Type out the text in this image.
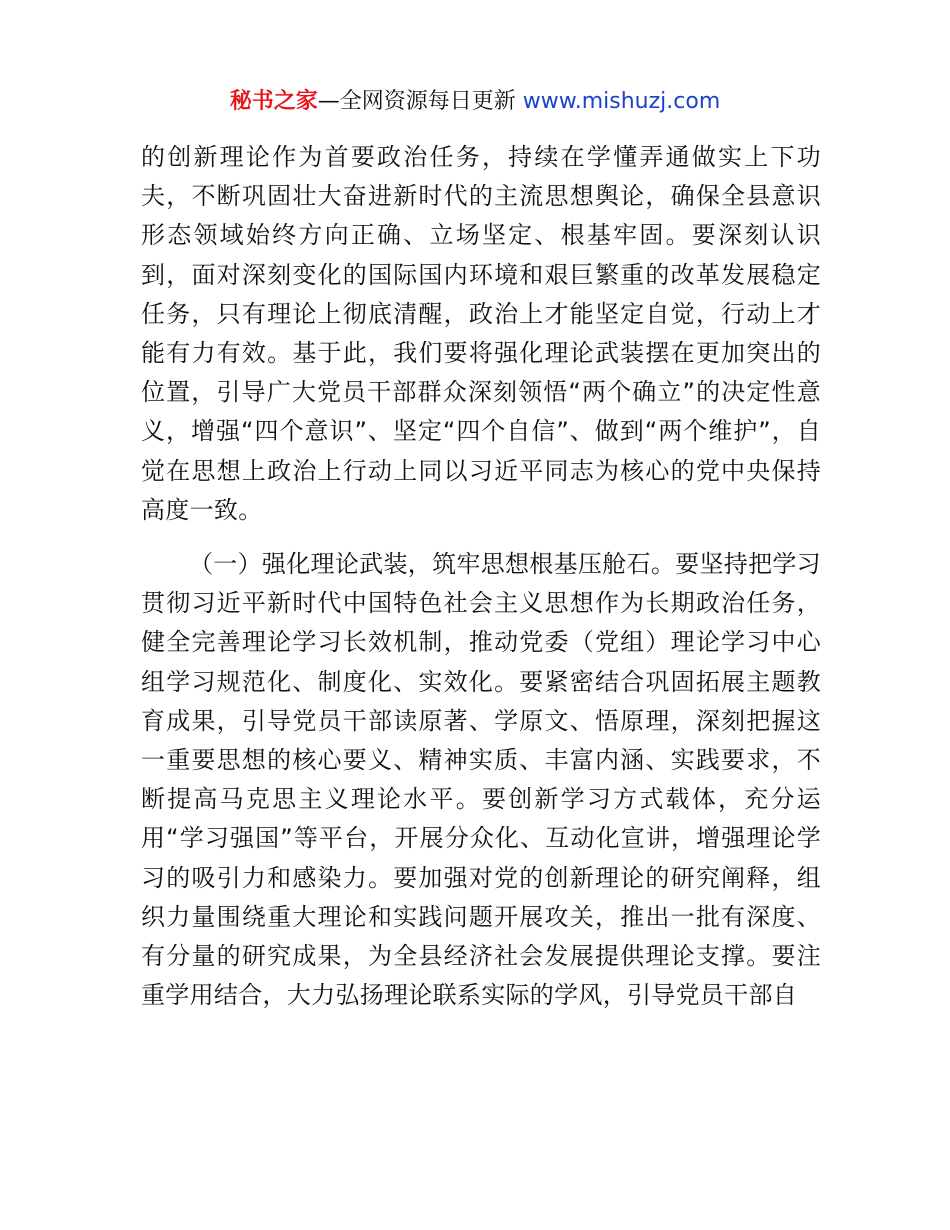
秘书之家—全网资源每日更新 www.mishuzj.com

的创新理论作为首要政治任务，持续在学懂弄通做实上下功夫，不断巩固壮大奋进新时代的主流思想舆论，确保全县意识形态领域始终方向正确、立场坚定、根基牢固。要深刻认识到，面对深刻变化的国际国内环境和艰巨繁重的改革发展稳定任务，只有理论上彻底清醒，政治上才能坚定自觉，行动上才能有力有效。基于此，我们要将强化理论武装摆在更加突出的位置，引导广大党员干部群众深刻领悟“两个确立”的决定性意义，增强“四个意识”、坚定“四个自信”、做到“两个维护”，自觉在思想上政治上行动上同以习近平同志为核心的党中央保持高度一致。

（一）强化理论武装，筑牢思想根基压舱石。要坚持把学习贯彻习近平新时代中国特色社会主义思想作为长期政治任务，健全完善理论学习长效机制，推动党委（党组）理论学习中心组学习规范化、制度化、实效化。要紧密结合巩固拓展主题教育成果，引导党员干部读原著、学原文、悟原理，深刻把握这一重要思想的核心要义、精神实质、丰富内涵、实践要求，不断提高马克思主义理论水平。要创新学习方式载体，充分运用“学习强国”等平台，开展分众化、互动化宣讲，增强理论学习的吸引力和感染力。要加强对党的创新理论的研究阐释，组织力量围绕重大理论和实践问题开展攻关，推出一批有深度、有分量的研究成果，为全县经济社会发展提供理论支撑。要注重学用结合，大力弘扬理论联系实际的学风，引导党员干部自
